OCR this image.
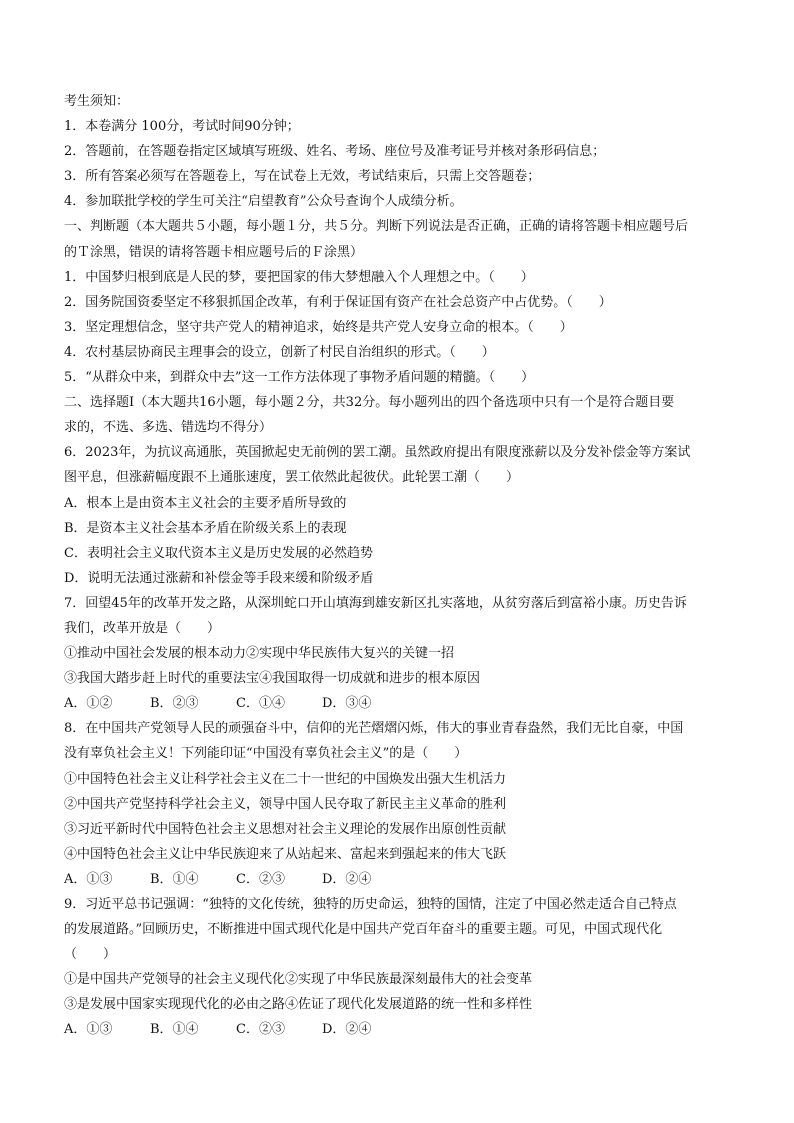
考生须知：
1．本卷满分 100分，考试时间90分钟；
2．答题前，在答题卷指定区域填写班级、姓名、考场、座位号及准考证号并核对条形码信息；
3．所有答案必须写在答题卷上，写在试卷上无效，考试结束后，只需上交答题卷；
4．参加联批学校的学生可关注“启望教育”公众号查询个人成绩分析。
一、判断题（本大题共５小题，每小题１分，共５分。判断下列说法是否正确，正确的请将答题卡相应题号后
的Ｔ涂黑，错误的请将答题卡相应题号后的Ｆ涂黑）
1．中国梦归根到底是人民的梦，要把国家的伟大梦想融入个人理想之中。（　　）
2．国务院国资委坚定不移狠抓国企改革，有利于保证国有资产在社会总资产中占优势。（　　）
3．坚定理想信念，坚守共产党人的精神追求，始终是共产党人安身立命的根本。（　　）
4．农村基层协商民主理事会的设立，创新了村民自治组织的形式。（　　）
5．“从群众中来，到群众中去”这一工作方法体现了事物矛盾问题的精髓。（　　）
二、选择题Ⅰ（本大题共16小题，每小题２分，共32分。每小题列出的四个备选项中只有一个是符合题目要
求的，不选、多选、错选均不得分）
6．2023年，为抗议高通胀，英国掀起史无前例的罢工潮。虽然政府提出有限度涨薪以及分发补偿金等方案试
图平息，但涨薪幅度跟不上通胀速度，罢工依然此起彼伏。此轮罢工潮（　　）
A．根本上是由资本主义社会的主要矛盾所导致的
B．是资本主义社会基本矛盾在阶级关系上的表现
C．表明社会主义取代资本主义是历史发展的必然趋势
D．说明无法通过涨薪和补偿金等手段来缓和阶级矛盾
7．回望45年的改革开发之路，从深圳蛇口开山填海到雄安新区扎实落地，从贫穷落后到富裕小康。历史告诉
我们，改革开放是（　　）
①推动中国社会发展的根本动力②实现中华民族伟大复兴的关键一招
③我国大踏步赶上时代的重要法宝④我国取得一切成就和进步的根本原因
A．①②	B．②③	C．①④	D．③④
8．在中国共产党领导人民的顽强奋斗中，信仰的光芒熠熠闪烁，伟大的事业青春盎然，我们无比自豪，中国
没有辜负社会主义！下列能印证“中国没有辜负社会主义”的是（　　）
①中国特色社会主义让科学社会主义在二十一世纪的中国焕发出强大生机活力
②中国共产党坚持科学社会主义，领导中国人民夺取了新民主主义革命的胜利
③习近平新时代中国特色社会主义思想对社会主义理论的发展作出原创性贡献
④中国特色社会主义让中华民族迎来了从站起来、富起来到强起来的伟大飞跃
A．①③	B．①④	C．②③	D．②④
9．习近平总书记强调：“独特的文化传统，独特的历史命运，独特的国情，注定了中国必然走适合自己特点
的发展道路。”回顾历史，不断推进中国式现代化是中国共产党百年奋斗的重要主题。可见，中国式现代化
（　　）
①是中国共产党领导的社会主义现代化②实现了中华民族最深刻最伟大的社会变革
③是发展中国家实现现代化的必由之路④佐证了现代化发展道路的统一性和多样性
A．①③	B．①④	C．②③	D．②④
